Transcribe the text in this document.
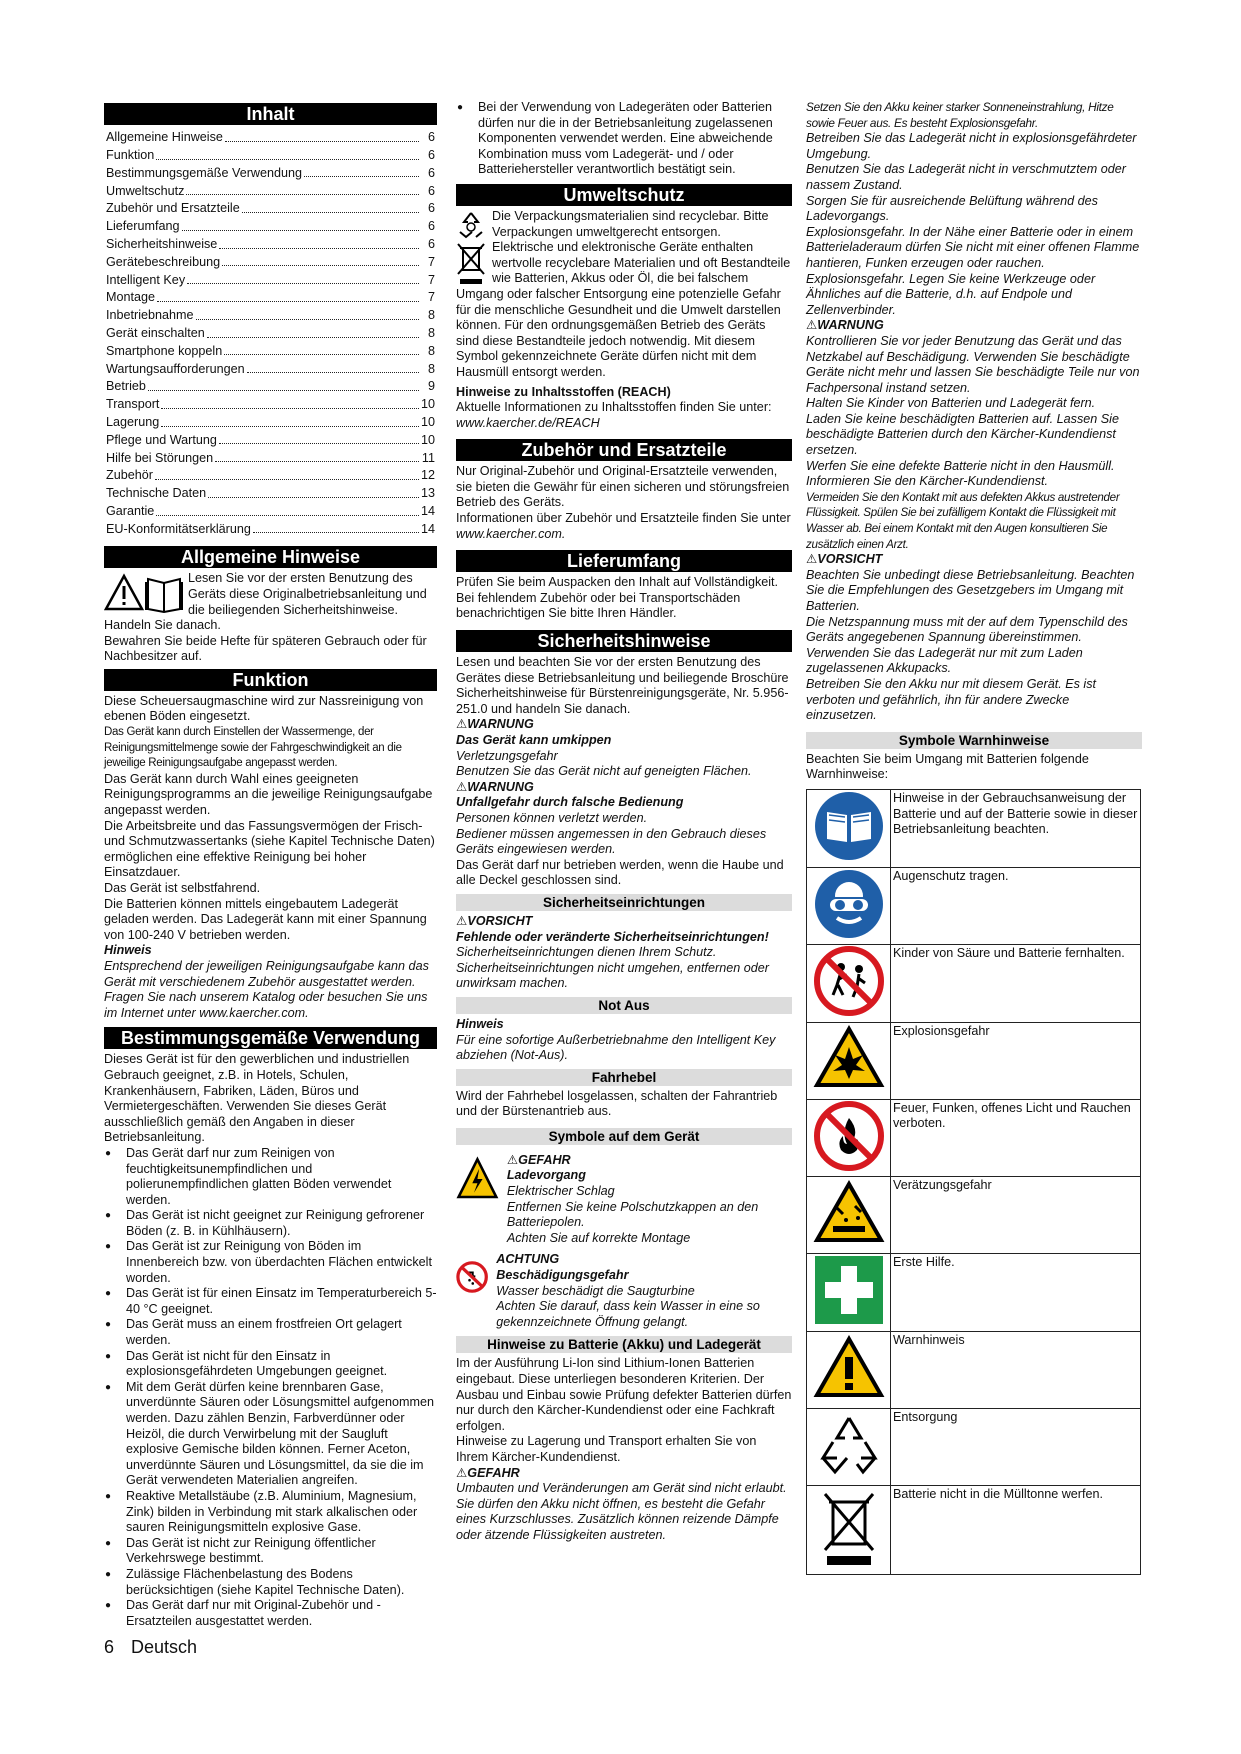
Inhalt
Allgemeine Hinweise	6
Funktion	6
Bestimmungsgemäße Verwendung	6
Umweltschutz	6
Zubehör und Ersatzteile	6
Lieferumfang	6
Sicherheitshinweise	6
Gerätebeschreibung	7
Intelligent Key	7
Montage	7
Inbetriebnahme	8
Gerät einschalten	8
Smartphone koppeln	8
Wartungsaufforderungen	8
Betrieb	9
Transport	10
Lagerung	10
Pflege und Wartung	10
Hilfe bei Störungen	11
Zubehör	12
Technische Daten	13
Garantie	14
EU-Konformitätserklärung	14
Allgemeine Hinweise

Lesen Sie vor der ersten Benutzung des Geräts diese Originalbetriebsanleitung und die beiliegenden Sicherheitshinweise. Handeln Sie danach.

Bewahren Sie beide Hefte für späteren Gebrauch oder für Nachbesitzer auf.

Funktion

Diese Scheuersaugmaschine wird zur Nassreinigung von ebenen Böden eingesetzt.

Das Gerät kann durch Einstellen der Wassermenge, der Reinigungsmittelmenge sowie der Fahrgeschwindigkeit an die jeweilige Reinigungsaufgabe angepasst werden.

Das Gerät kann durch Wahl eines geeigneten Reinigungsprogramms an die jeweilige Reinigungsaufgabe angepasst werden.

Die Arbeitsbreite und das Fassungsvermögen der Frisch- und Schmutzwassertanks (siehe Kapitel Technische Daten) ermöglichen eine effektive Reinigung bei hoher Einsatzdauer.

Das Gerät ist selbstfahrend.

Die Batterien können mittels eingebautem Ladegerät geladen werden. Das Ladegerät kann mit einer Spannung von 100-240 V betrieben werden.

Hinweis

Entsprechend der jeweiligen Reinigungsaufgabe kann das Gerät mit verschiedenem Zubehör ausgestattet werden. Fragen Sie nach unserem Katalog oder besuchen Sie uns im Internet unter www.kaercher.com.

Bestimmungsgemäße Verwendung

Dieses Gerät ist für den gewerblichen und industriellen Gebrauch geeignet, z.B. in Hotels, Schulen, Krankenhäusern, Fabriken, Läden, Büros und Vermietergeschäften. Verwenden Sie dieses Gerät ausschließlich gemäß den Angaben in dieser Betriebsanleitung.

● Das Gerät darf nur zum Reinigen von feuchtigkeitsunempfindlichen und polierunempfindlichen glatten Böden verwendet werden.
● Das Gerät ist nicht geeignet zur Reinigung gefrorener Böden (z. B. in Kühlhäusern).
● Das Gerät ist zur Reinigung von Böden im Innenbereich bzw. von überdachten Flächen entwickelt worden.
● Das Gerät ist für einen Einsatz im Temperaturbereich 5-40 °C geeignet.
● Das Gerät muss an einem frostfreien Ort gelagert werden.
● Das Gerät ist nicht für den Einsatz in explosionsgefährdeten Umgebungen geeignet.
● Mit dem Gerät dürfen keine brennbaren Gase, unverdünnte Säuren oder Lösungsmittel aufgenommen werden. Dazu zählen Benzin, Farbverdünner oder Heizöl, die durch Verwirbelung mit der Saugluft explosive Gemische bilden können. Ferner Aceton, unverdünnte Säuren und Lösungsmittel, da sie die im Gerät verwendeten Materialien angreifen.
● Reaktive Metallstäube (z.B. Aluminium, Magnesium, Zink) bilden in Verbindung mit stark alkalischen oder sauren Reinigungsmitteln explosive Gase.
● Das Gerät ist nicht zur Reinigung öffentlicher Verkehrswege bestimmt.
● Zulässige Flächenbelastung des Bodens berücksichtigen (siehe Kapitel Technische Daten).
● Das Gerät darf nur mit Original-Zubehör und -Ersatzteilen ausgestattet werden.
● Bei der Verwendung von Ladegeräten oder Batterien dürfen nur die in der Betriebsanleitung zugelassenen Komponenten verwendet werden. Eine abweichende Kombination muss vom Ladegerät- und / oder Batteriehersteller verantwortlich bestätigt sein.
Umweltschutz

Die Verpackungsmaterialien sind recyclebar. Bitte Verpackungen umweltgerecht entsorgen.

Elektrische und elektronische Geräte enthalten wertvolle recyclebare Materialien und oft Bestandteile wie Batterien, Akkus oder Öl, die bei falschem Umgang oder falscher Entsorgung eine potenzielle Gefahr für die menschliche Gesundheit und die Umwelt darstellen können. Für den ordnungsgemäßen Betrieb des Geräts sind diese Bestandteile jedoch notwendig. Mit diesem Symbol gekennzeichnete Geräte dürfen nicht mit dem Hausmüll entsorgt werden.

Hinweise zu Inhaltsstoffen (REACH)

Aktuelle Informationen zu Inhaltsstoffen finden Sie unter: www.kaercher.de/REACH

Zubehör und Ersatzteile

Nur Original-Zubehör und Original-Ersatzteile verwenden, sie bieten die Gewähr für einen sicheren und störungsfreien Betrieb des Geräts.

Informationen über Zubehör und Ersatzteile finden Sie unter www.kaercher.com.

Lieferumfang

Prüfen Sie beim Auspacken den Inhalt auf Vollständigkeit. Bei fehlendem Zubehör oder bei Transportschäden benachrichtigen Sie bitte Ihren Händler.

Sicherheitshinweise

Lesen und beachten Sie vor der ersten Benutzung des Gerätes diese Betriebsanleitung und beiliegende Broschüre Sicherheitshinweise für Bürstenreinigungsgeräte, Nr. 5.956-251.0 und handeln Sie danach.

⚠WARNUNG

Das Gerät kann umkippen

Verletzungsgefahr

Benutzen Sie das Gerät nicht auf geneigten Flächen.

⚠WARNUNG

Unfallgefahr durch falsche Bedienung

Personen können verletzt werden.

Bediener müssen angemessen in den Gebrauch dieses Geräts eingewiesen werden.

Das Gerät darf nur betrieben werden, wenn die Haube und alle Deckel geschlossen sind.

Sicherheitseinrichtungen

⚠VORSICHT

Fehlende oder veränderte Sicherheitseinrichtungen!

Sicherheitseinrichtungen dienen Ihrem Schutz. Sicherheitseinrichtungen nicht umgehen, entfernen oder unwirksam machen.

Not Aus

Hinweis

Für eine sofortige Außerbetriebnahme den Intelligent Key abziehen (Not-Aus).

Fahrhebel

Wird der Fahrhebel losgelassen, schalten der Fahrantrieb und der Bürstenantrieb aus.

Symbole auf dem Gerät

⚠GEFAHR

Ladevorgang

Elektrischer Schlag

Entfernen Sie keine Polschutzkappen an den Batteriepolen.

Achten Sie auf korrekte Montage

ACHTUNG

Beschädigungsgefahr

Wasser beschädigt die Saugturbine

Achten Sie darauf, dass kein Wasser in eine so gekennzeichnete Öffnung gelangt.

Hinweise zu Batterie (Akku) und Ladegerät

Im der Ausführung Li-Ion sind Lithium-Ionen Batterien eingebaut. Diese unterliegen besonderen Kriterien. Der Ausbau und Einbau sowie Prüfung defekter Batterien dürfen nur durch den Kärcher-Kundendienst oder eine Fachkraft erfolgen.

Hinweise zu Lagerung und Transport erhalten Sie von Ihrem Kärcher-Kundendienst.

⚠GEFAHR

Umbauten und Veränderungen am Gerät sind nicht erlaubt.

Sie dürfen den Akku nicht öffnen, es besteht die Gefahr eines Kurzschlusses. Zusätzlich können reizende Dämpfe oder ätzende Flüssigkeiten austreten.

Setzen Sie den Akku keiner starker Sonneneinstrahlung, Hitze sowie Feuer aus. Es besteht Explosionsgefahr.

Betreiben Sie das Ladegerät nicht in explosionsgefährdeter Umgebung.

Benutzen Sie das Ladegerät nicht in verschmutztem oder nassem Zustand.

Sorgen Sie für ausreichende Belüftung während des Ladevorgangs.

Explosionsgefahr. In der Nähe einer Batterie oder in einem Batterieladeraum dürfen Sie nicht mit einer offenen Flamme hantieren, Funken erzeugen oder rauchen.

Explosionsgefahr. Legen Sie keine Werkzeuge oder Ähnliches auf die Batterie, d.h. auf Endpole und Zellenverbinder.

⚠WARNUNG

Kontrollieren Sie vor jeder Benutzung das Gerät und das Netzkabel auf Beschädigung. Verwenden Sie beschädigte Geräte nicht mehr und lassen Sie beschädigte Teile nur von Fachpersonal instand setzen.

Halten Sie Kinder von Batterien und Ladegerät fern.

Laden Sie keine beschädigten Batterien auf. Lassen Sie beschädigte Batterien durch den Kärcher-Kundendienst ersetzen.

Werfen Sie eine defekte Batterie nicht in den Hausmüll. Informieren Sie den Kärcher-Kundendienst.

Vermeiden Sie den Kontakt mit aus defekten Akkus austretender Flüssigkeit. Spülen Sie bei zufälligem Kontakt die Flüssigkeit mit Wasser ab. Bei einem Kontakt mit den Augen konsultieren Sie zusätzlich einen Arzt.

⚠VORSICHT

Beachten Sie unbedingt diese Betriebsanleitung. Beachten Sie die Empfehlungen des Gesetzgebers im Umgang mit Batterien.

Die Netzspannung muss mit der auf dem Typenschild des Geräts angegebenen Spannung übereinstimmen. Verwenden Sie das Ladegerät nur mit zum Laden zugelassenen Akkupacks.

Betreiben Sie den Akku nur mit diesem Gerät. Es ist verboten und gefährlich, ihn für andere Zwecke einzusetzen.

Symbole Warnhinweise

Beachten Sie beim Umgang mit Batterien folgende Warnhinweise:

	Hinweise in der Gebrauchsanweisung der Batterie und auf der Batterie sowie in dieser Betriebsanleitung beachten.
	Augenschutz tragen.
	Kinder von Säure und Batterie fernhalten.
	Explosionsgefahr
	Feuer, Funken, offenes Licht und Rauchen verboten.
	Verätzungsgefahr
	Erste Hilfe.
	Warnhinweis
	Entsorgung
	Batterie nicht in die Mülltonne werfen.
6 Deutsch
